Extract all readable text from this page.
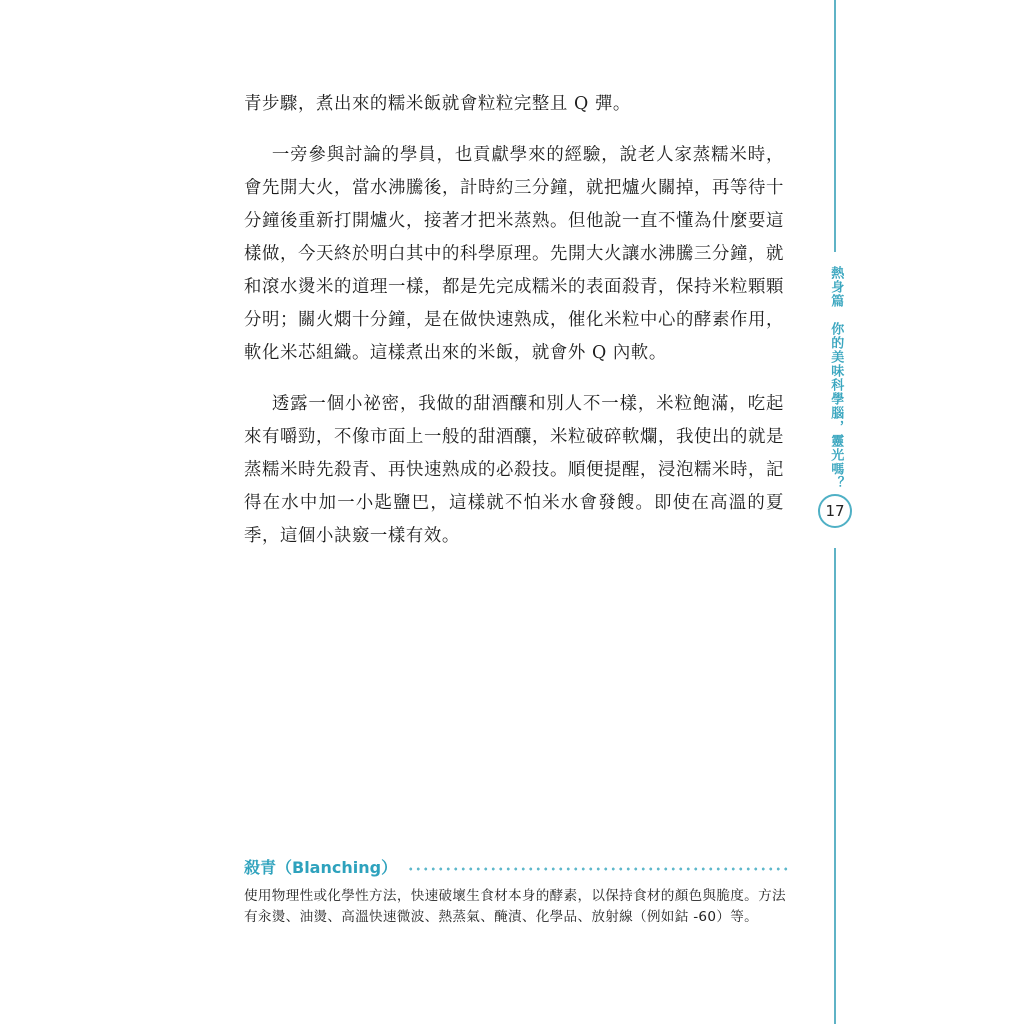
青步驟，煮出來的糯米飯就會粒粒完整且 Q 彈。

一旁參與討論的學員，也貢獻學來的經驗，說老人家蒸糯米時，會先開大火，當水沸騰後，計時約三分鐘，就把爐火關掉，再等待十分鐘後重新打開爐火，接著才把米蒸熟。但他說一直不懂為什麼要這樣做，今天終於明白其中的科學原理。先開大火讓水沸騰三分鐘，就和滾水燙米的道理一樣，都是先完成糯米的表面殺青，保持米粒顆顆分明；關火燜十分鐘，是在做快速熟成，催化米粒中心的酵素作用，軟化米芯組織。這樣煮出來的米飯，就會外 Q 內軟。

透露一個小祕密，我做的甜酒釀和別人不一樣，米粒飽滿，吃起來有嚼勁，不像市面上一般的甜酒釀，米粒破碎軟爛，我使出的就是蒸糯米時先殺青、再快速熟成的必殺技。順便提醒，浸泡糯米時，記得在水中加一小匙鹽巴，這樣就不怕米水會發餿。即使在高溫的夏季，這個小訣竅一樣有效。

熱身篇
你的美味科學腦，靈光嗎？
17
殺青（Blanching）
使用物理性或化學性方法，快速破壞生食材本身的酵素，以保持食材的顏色與脆度。方法有汆燙、油燙、高溫快速微波、熱蒸氣、醃漬、化學品、放射線（例如鈷 -60）等。
